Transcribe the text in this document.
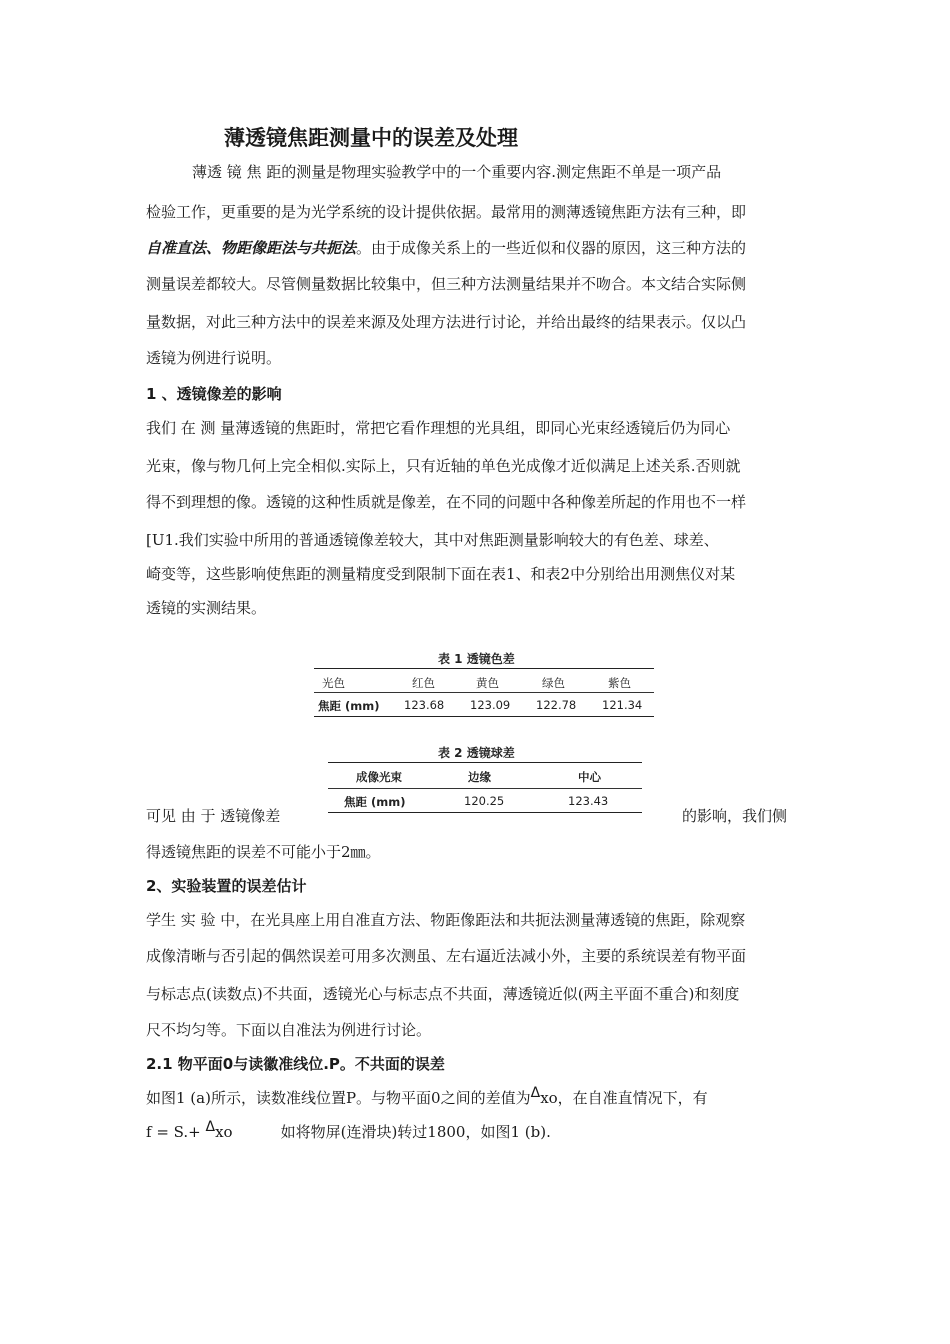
薄透镜焦距测量中的误差及处理
薄透 镜 焦 距的测量是物理实验教学中的一个重要内容.测定焦距不单是一项产品
检验工作，更重要的是为光学系统的设计提供依据。最常用的测薄透镜焦距方法有三种，即
自准直法、物距像距法与共扼法。由于成像关系上的一些近似和仪器的原因，这三种方法的
测量误差都较大。尽管侧量数据比较集中，但三种方法测量结果并不吻合。本文结合实际侧
量数据，对此三种方法中的误差来源及处理方法进行讨论，并给出最终的结果表示。仅以凸
透镜为例进行说明。
1 、透镜像差的影响
我们 在 测 量薄透镜的焦距时，常把它看作理想的光具组，即同心光束经透镜后仍为同心
光束，像与物几何上完全相似.实际上，只有近轴的单色光成像才近似满足上述关系.否则就
得不到理想的像。透镜的这种性质就是像差，在不同的问题中各种像差所起的作用也不一样
[U1.我们实验中所用的普通透镜像差较大，其中对焦距测量影响较大的有色差、球差、
崎变等，这些影响使焦距的测量精度受到限制下面在表1、和表2中分别给出用测焦仪对某
透镜的实测结果。
表 1 透镜色差
光色	红色	黄色	绿色	紫色
焦距 (mm) 123.68 123.09 122.78 121.34
表 2 透镜球差
成像光束	边缘	中心
焦距 (mm)	120.25	123.43
可见 由 于 透镜像差	的影响，我们侧
得透镜焦距的误差不可能小于2㎜。
2、实验装置的误差估计
学生 实 验 中，在光具座上用自准直方法、物距像距法和共扼法测量薄透镜的焦距，除观察
成像清晰与否引起的偶然误差可用多次测虽、左右逼近法减小外，主要的系统误差有物平面
与标志点(读数点)不共面，透镜光心与标志点不共面，薄透镜近似(两主平面不重合)和刻度
尺不均匀等。下面以自准法为例进行讨论。
2.1 物平面0与读徽准线位.P。不共面的误差
如图1 (a)所示，读数准线位置P。与物平面0之间的差值为Δxo，在自准直情况下，有
f = S.+ Δxo	如将物屏(连滑块)转过1800，如图1 (b).
